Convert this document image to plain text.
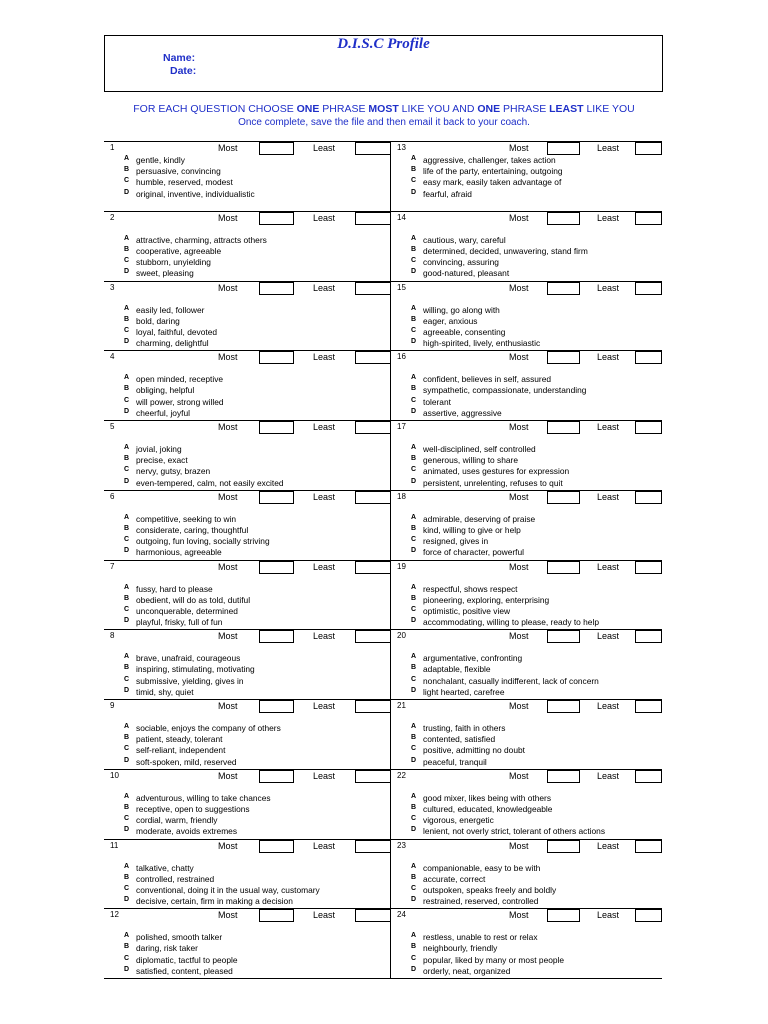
D.I.S.C Profile
Name:
Date:
FOR EACH QUESTION CHOOSE ONE PHRASE MOST LIKE YOU AND ONE PHRASE LEAST LIKE YOU
Once complete, save the file and then email it back to your coach.
1	Most	Least
A gentle, kindly
B persuasive, convincing
C humble, reserved, modest
D original, inventive, individualistic
2	Most	Least
A attractive, charming, attracts others
B cooperative, agreeable
C stubborn, unyielding
D sweet, pleasing
3	Most	Least
A easily led, follower
B bold, daring
C loyal, faithful, devoted
D charming, delightful
4	Most	Least
A open minded, receptive
B obliging, helpful
C will power, strong willed
D cheerful, joyful
5	Most	Least
A jovial, joking
B precise, exact
C nervy, gutsy, brazen
D even-tempered, calm, not easily excited
6	Most	Least
A competitive, seeking to win
B considerate, caring, thoughtful
C outgoing, fun loving, socially striving
D harmonious, agreeable
7	Most	Least
A fussy, hard to please
B obedient, will do as told, dutiful
C unconquerable, determined
D playful, frisky, full of fun
8	Most	Least
A brave, unafraid, courageous
B inspiring, stimulating, motivating
C submissive, yielding, gives in
D timid, shy, quiet
9	Most	Least
A sociable, enjoys the company of others
B patient, steady, tolerant
C self-reliant, independent
D soft-spoken, mild, reserved
10	Most	Least
A adventurous, willing to take chances
B receptive, open to suggestions
C cordial, warm, friendly
D moderate, avoids extremes
11	Most	Least
A talkative, chatty
B controlled, restrained
C conventional, doing it in the usual way, customary
D decisive, certain, firm in making a decision
12	Most	Least
A polished, smooth talker
B daring, risk taker
C diplomatic, tactful to people
D satisfied, content, pleased
13	Most	Least
A aggressive, challenger, takes action
B life of the party, entertaining, outgoing
C easy mark, easily taken advantage of
D fearful, afraid
14	Most	Least
A cautious, wary, careful
B determined, decided, unwavering, stand firm
C convincing, assuring
D good-natured, pleasant
15	Most	Least
A willing, go along with
B eager, anxious
C agreeable, consenting
D high-spirited, lively, enthusiastic
16	Most	Least
A confident, believes in self, assured
B sympathetic, compassionate, understanding
C tolerant
D assertive, aggressive
17	Most	Least
A well-disciplined, self controlled
B generous, willing to share
C animated, uses gestures for expression
D persistent, unrelenting, refuses to quit
18	Most	Least
A admirable, deserving of praise
B kind, willing to give or help
C resigned, gives in
D force of character, powerful
19	Most	Least
A respectful, shows respect
B pioneering, exploring, enterprising
C optimistic, positive view
D accommodating, willing to please, ready to help
20	Most	Least
A argumentative, confronting
B adaptable, flexible
C nonchalant, casually indifferent, lack of concern
D light hearted, carefree
21	Most	Least
A trusting, faith in others
B contented, satisfied
C positive, admitting no doubt
D peaceful, tranquil
22	Most	Least
A good mixer, likes being with others
B cultured, educated, knowledgeable
C vigorous, energetic
D lenient, not overly strict, tolerant of others actions
23	Most	Least
A companionable, easy to be with
B accurate, correct
C outspoken, speaks freely and boldly
D restrained, reserved, controlled
24	Most	Least
A restless, unable to rest or relax
B neighbourly, friendly
C popular, liked by many or most people
D orderly, neat, organized
